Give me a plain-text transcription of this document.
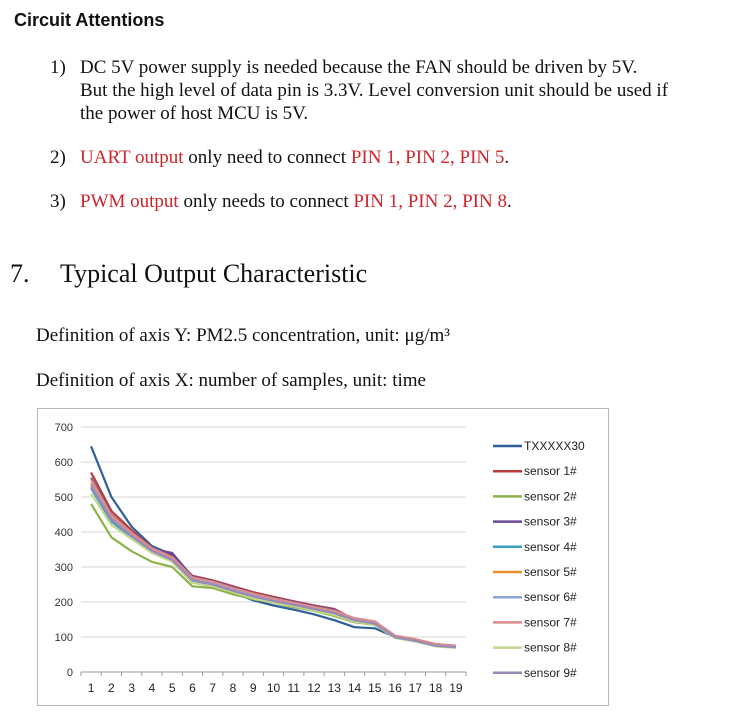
Circuit Attentions
1) DC 5V power supply is needed because the FAN should be driven by 5V.
But the high level of data pin is 3.3V. Level conversion unit should be used if
the power of host MCU is 5V.
2) UART output only need to connect PIN 1, PIN 2, PIN 5.
3) PWM output only needs to connect PIN 1, PIN 2, PIN 8.
7. Typical Output Characteristic
Definition of axis Y: PM2.5 concentration, unit: μg/m³
Definition of axis X: number of samples, unit: time
0
100
200
300
400
500
600
700
1 2 3 4 5 6 7 8 9 10 11 12 13 14 15 16 17 18 19
TXXXXX30
sensor 1#
sensor 2#
sensor 3#
sensor 4#
sensor 5#
sensor 6#
sensor 7#
sensor 8#
sensor 9#
